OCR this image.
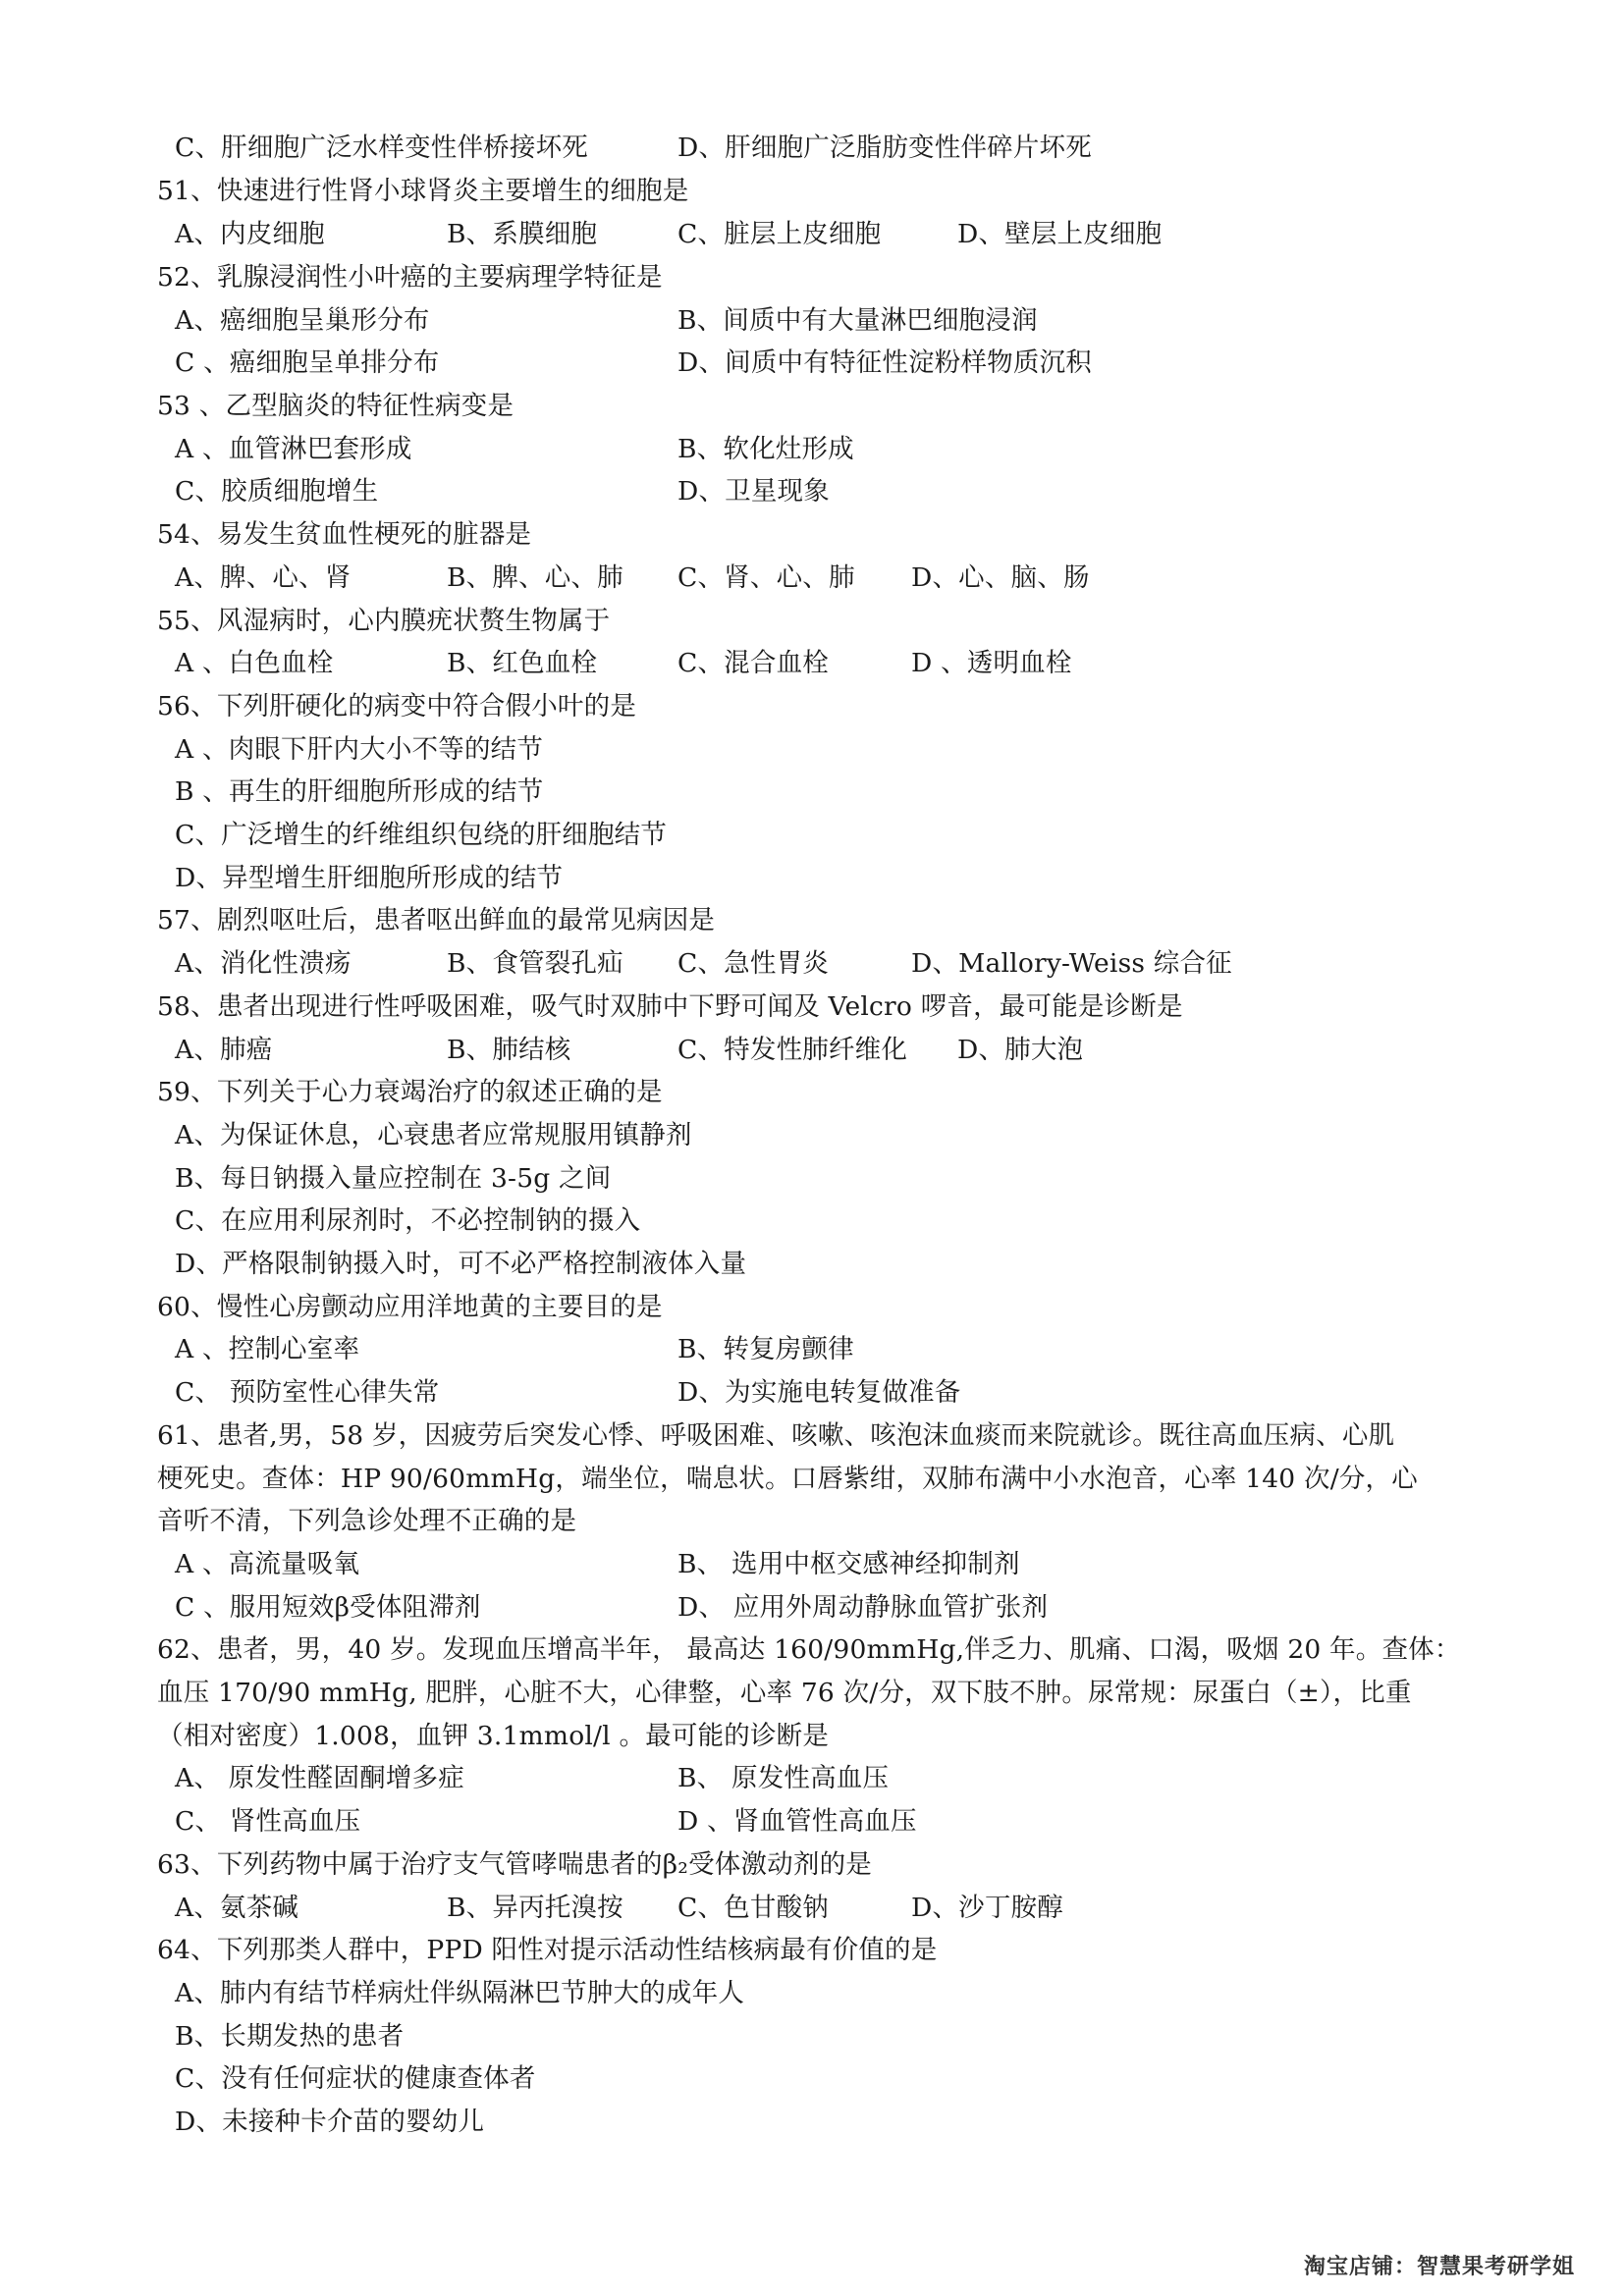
C、肝细胞广泛水样变性伴桥接坏死	D、肝细胞广泛脂肪变性伴碎片坏死
51、快速进行性肾小球肾炎主要增生的细胞是
A、内皮细胞	B、系膜细胞	C、脏层上皮细胞	D、壁层上皮细胞
52、乳腺浸润性小叶癌的主要病理学特征是
A、癌细胞呈巢形分布	B、间质中有大量淋巴细胞浸润
C 、癌细胞呈单排分布	D、间质中有特征性淀粉样物质沉积
53 、乙型脑炎的特征性病变是
A 、血管淋巴套形成	B、软化灶形成
C、胶质细胞增生	D、卫星现象
54、易发生贫血性梗死的脏器是
A、脾、心、肾	B、脾、心、肺 C、肾、心、肺 D、心、脑、肠
55、风湿病时，心内膜疣状赘生物属于
A 、白色血栓	B、红色血栓	C、混合血栓	D 、透明血栓
56、下列肝硬化的病变中符合假小叶的是
A 、肉眼下肝内大小不等的结节
B 、再生的肝细胞所形成的结节
C、广泛增生的纤维组织包绕的肝细胞结节
D、异型增生肝细胞所形成的结节
57、剧烈呕吐后，患者呕出鲜血的最常见病因是
A、消化性溃疡	B、食管裂孔疝 C、急性胃炎	D、Mallory-Weiss 综合征
58、患者出现进行性呼吸困难，吸气时双肺中下野可闻及 Velcro 啰音，最可能是诊断是
A、肺癌	B、肺结核	C、特发性肺纤维化 D、肺大泡
59、下列关于心力衰竭治疗的叙述正确的是
A、为保证休息，心衰患者应常规服用镇静剂
B、每日钠摄入量应控制在 3-5g 之间
C、在应用利尿剂时，不必控制钠的摄入
D、严格限制钠摄入时，可不必严格控制液体入量
60、慢性心房颤动应用洋地黄的主要目的是
A 、控制心室率	B、转复房颤律
C、 预防室性心律失常	D、为实施电转复做准备
61、患者,男，58 岁，因疲劳后突发心悸、呼吸困难、咳嗽、咳泡沫血痰而来院就诊。既往高血压病、心肌
梗死史。查体：HP 90/60mmHg，端坐位，喘息状。口唇紫绀，双肺布满中小水泡音，心率 140 次/分，心
音听不清，下列急诊处理不正确的是
A 、高流量吸氧	B、 选用中枢交感神经抑制剂
C 、服用短效β受体阻滞剂	D、 应用外周动静脉血管扩张剂
62、患者，男，40 岁。发现血压增高半年， 最高达 160/90mmHg,伴乏力、肌痛、口渴，吸烟 20 年。查体：
血压 170/90 mmHg, 肥胖，心脏不大，心律整，心率 76 次/分，双下肢不肿。尿常规：尿蛋白（±），比重
（相对密度）1.008，血钾 3.1mmol/l 。最可能的诊断是
A、 原发性醛固酮增多症	B、 原发性高血压
C、 肾性高血压	D 、肾血管性高血压
63、下列药物中属于治疗支气管哮喘患者的β₂受体激动剂的是
A、氨茶碱	B、异丙托溴按 C、色甘酸钠	D、沙丁胺醇
64、下列那类人群中，PPD 阳性对提示活动性结核病最有价值的是
A、肺内有结节样病灶伴纵隔淋巴节肿大的成年人
B、长期发热的患者
C、没有任何症状的健康查体者
D、未接种卡介苗的婴幼儿
淘宝店铺：智慧果考研学姐
